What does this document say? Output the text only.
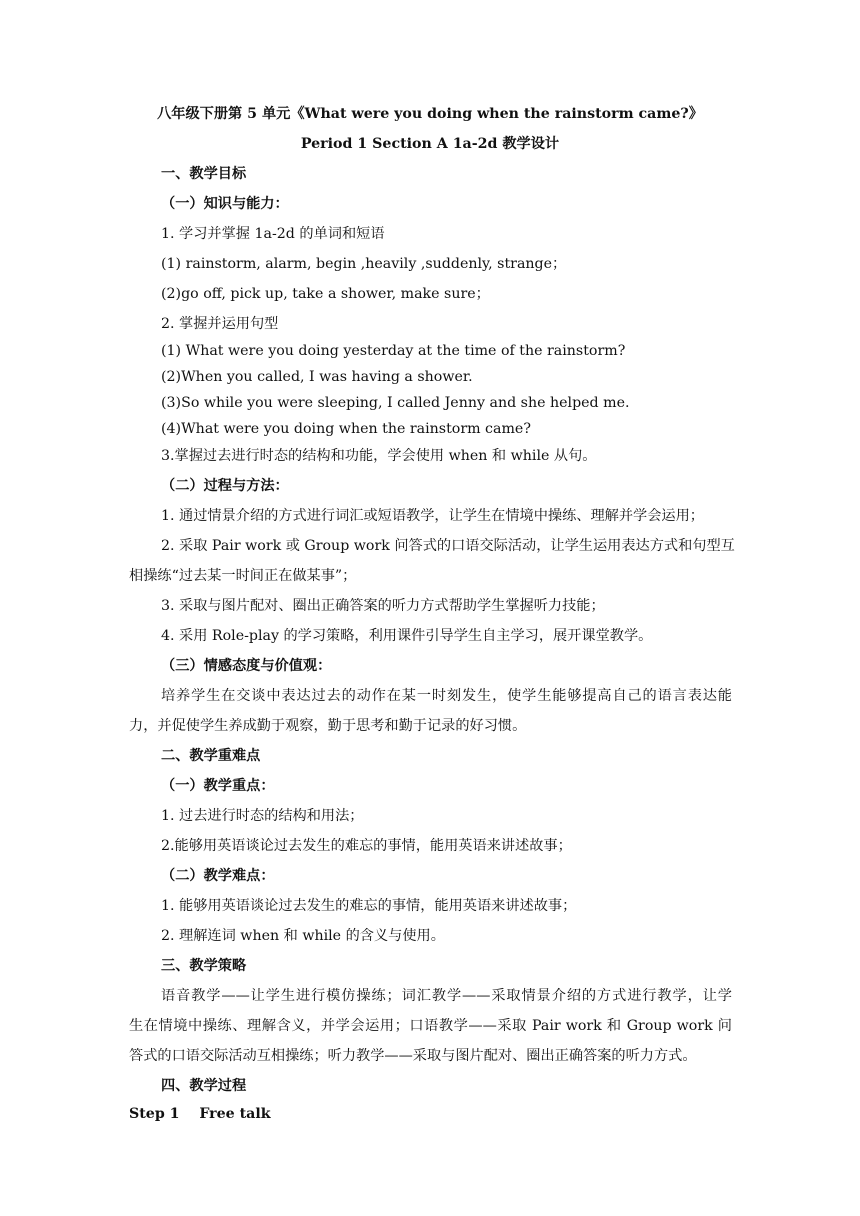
八年级下册第 5 单元《What were you doing when the rainstorm came?》
Period 1 Section A 1a-2d 教学设计
一、教学目标
（一）知识与能力：
1. 学习并掌握 1a-2d 的单词和短语
(1) rainstorm, alarm, begin ,heavily ,suddenly, strange；
(2)go off, pick up, take a shower, make sure；
2. 掌握并运用句型
(1) What were you doing yesterday at the time of the rainstorm?
(2)When you called, I was having a shower.
(3)So while you were sleeping, I called Jenny and she helped me.
(4)What were you doing when the rainstorm came?
3.掌握过去进行时态的结构和功能，学会使用 when 和 while 从句。
（二）过程与方法：
1. 通过情景介绍的方式进行词汇或短语教学，让学生在情境中操练、理解并学会运用；
2. 采取 Pair work 或 Group work 问答式的口语交际活动，让学生运用表达方式和句型互
相操练“过去某一时间正在做某事”；
3. 采取与图片配对、圈出正确答案的听力方式帮助学生掌握听力技能；
4. 采用 Role-play 的学习策略，利用课件引导学生自主学习，展开课堂教学。
（三）情感态度与价值观：
培养学生在交谈中表达过去的动作在某一时刻发生，使学生能够提高自己的语言表达能
力，并促使学生养成勤于观察，勤于思考和勤于记录的好习惯。
二、教学重难点
（一）教学重点：
1. 过去进行时态的结构和用法；
2.能够用英语谈论过去发生的难忘的事情，能用英语来讲述故事；
（二）教学难点：
1. 能够用英语谈论过去发生的难忘的事情，能用英语来讲述故事；
2. 理解连词 when 和 while 的含义与使用。
三、教学策略
语音教学——让学生进行模仿操练；词汇教学——采取情景介绍的方式进行教学，让学
生在情境中操练、理解含义，并学会运用；口语教学——采取 Pair work 和 Group work 问
答式的口语交际活动互相操练；听力教学——采取与图片配对、圈出正确答案的听力方式。
四、教学过程
Step 1    Free talk
